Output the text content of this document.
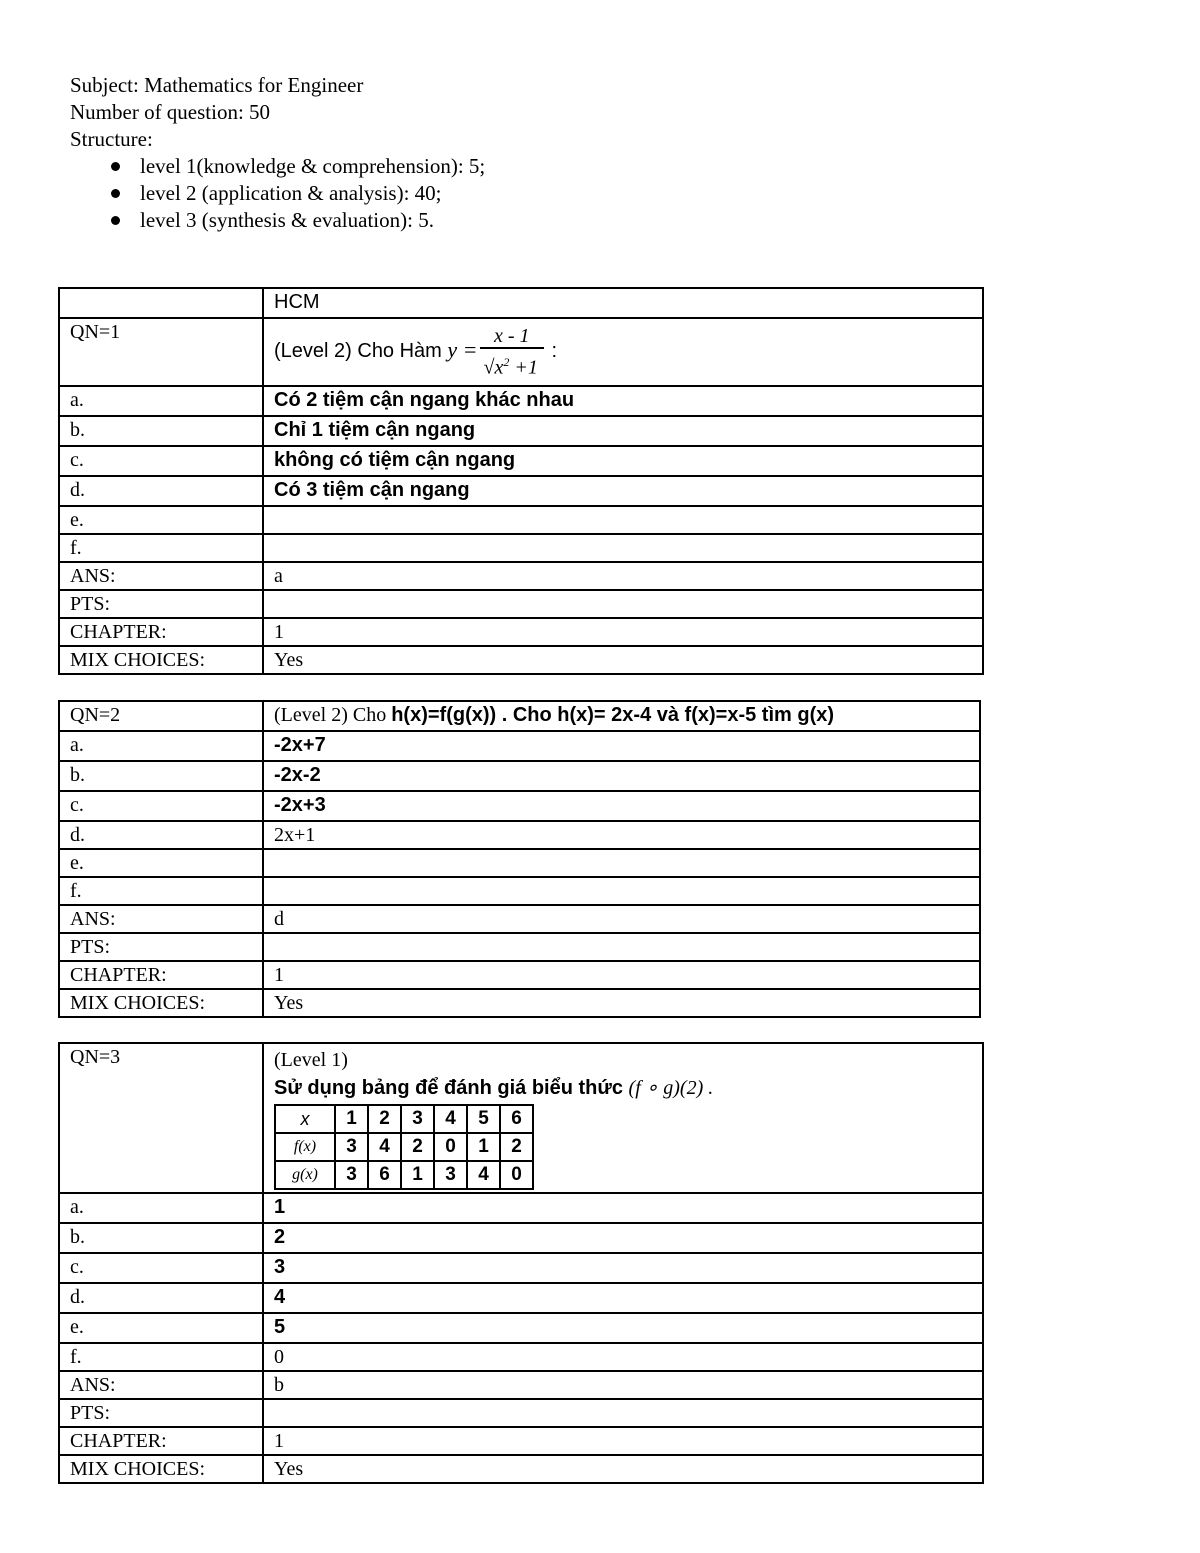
Subject: Mathematics for Engineer
Number of question: 50
Structure:
level 1(knowledge & comprehension): 5;
level 2 (application & analysis): 40;
level 3 (synthesis & evaluation): 5.
	HCM
QN=1	(Level 2) Cho Hàm $y = \frac{x - 1}{√x^2 +1}$ :
a.	Có 2 tiệm cận ngang khác nhau
b.	Chỉ 1 tiệm cận ngang
c.	không có tiệm cận ngang
d.	Có 3 tiệm cận ngang
e.	
f.	
ANS:	a
PTS:	
CHAPTER:	1
MIX CHOICES:	Yes
QN=2	(Level 2) Cho h(x)=f(g(x)) . Cho h(x)= 2x-4 và f(x)=x-5 tìm g(x)
a.	-2x+7
b.	-2x-2
c.	-2x+3
d.	2x+1
e.	
f.	
ANS:	d
PTS:	
CHAPTER:	1
MIX CHOICES:	Yes
QN=3	(Level 1)
Sử dụng bảng để đánh giá biểu thức (f ∘ g)(2) .
x	1	2	3	4	5	6
f(x)	3	4	2	0	1	2
g(x)	3	6	1	3	4	0

a.	1
b.	2
c.	3
d.	4
e.	5
f.	0
ANS:	b
PTS:	
CHAPTER:	1
MIX CHOICES:	Yes
